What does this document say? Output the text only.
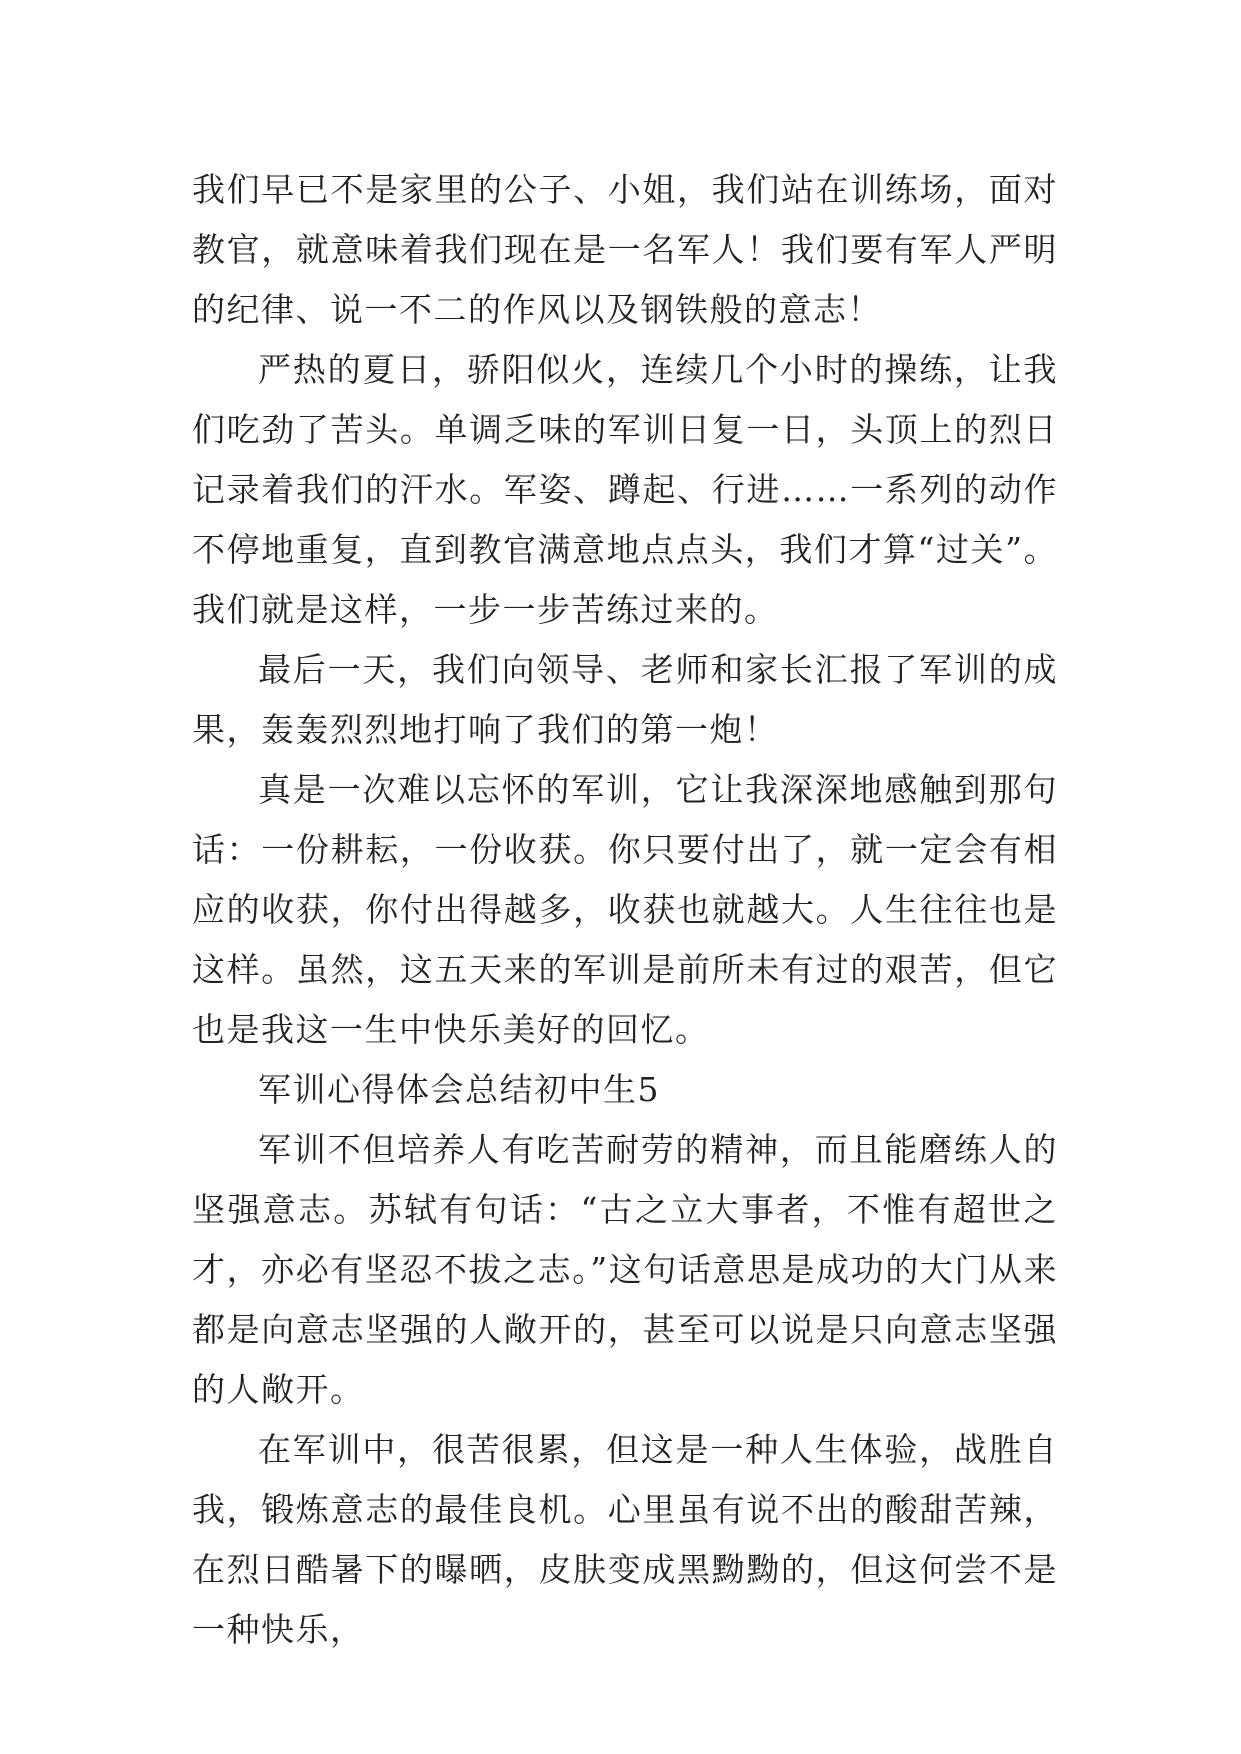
我们早已不是家里的公子、小姐，我们站在训练场，面对教官，就意味着我们现在是一名军人！我们要有军人严明的纪律、说一不二的作风以及钢铁般的意志！

严热的夏日，骄阳似火，连续几个小时的操练，让我们吃劲了苦头。单调乏味的军训日复一日，头顶上的烈日记录着我们的汗水。军姿、蹲起、行进……一系列的动作不停地重复，直到教官满意地点点头，我们才算“过关”。我们就是这样，一步一步苦练过来的。

最后一天，我们向领导、老师和家长汇报了军训的成果，轰轰烈烈地打响了我们的第一炮！

真是一次难以忘怀的军训，它让我深深地感触到那句话：一份耕耘，一份收获。你只要付出了，就一定会有相应的收获，你付出得越多，收获也就越大。人生往往也是这样。虽然，这五天来的军训是前所未有过的艰苦，但它也是我这一生中快乐美好的回忆。

军训心得体会总结初中生5

军训不但培养人有吃苦耐劳的精神，而且能磨练人的坚强意志。苏轼有句话：“古之立大事者，不惟有超世之才，亦必有坚忍不拔之志。”这句话意思是成功的大门从来都是向意志坚强的人敞开的，甚至可以说是只向意志坚强的人敞开。

在军训中，很苦很累，但这是一种人生体验，战胜自我，锻炼意志的最佳良机。心里虽有说不出的酸甜苦辣，在烈日酷暑下的曝晒，皮肤变成黑黝黝的，但这何尝不是一种快乐，
